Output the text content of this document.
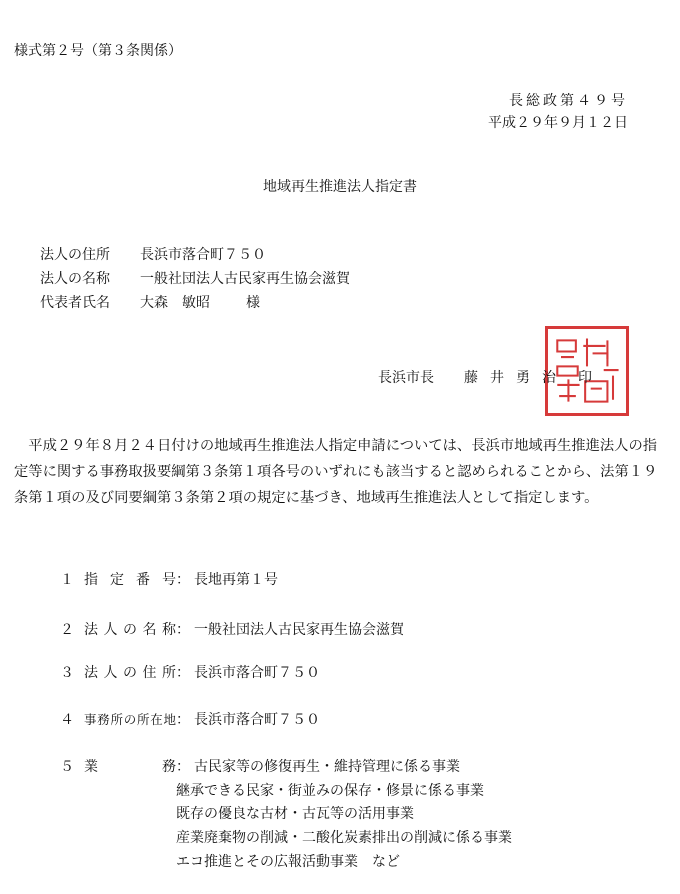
様式第２号（第３条関係）
長総政第４９号
平成２９年９月１２日
地域再生推進法人指定書
法人の住所 長浜市落合町７５０
法人の名称 一般社団法人古民家再生協会滋賀
代表者氏名 大森　敏昭	様
長浜市長 藤井勇治 印
平成２９年８月２４日付けの地域再生推進法人指定申請については、長浜市地域再生推進法人の指定等に関する事務取扱要綱第３条第１項各号のいずれにも該当すると認められることから、法第１９条第１項の及び同要綱第３条第２項の規定に基づき、地域再生推進法人として指定します。
１ 指定番号： 長地再第１号
２ 法人の名称： 一般社団法人古民家再生協会滋賀
３ 法人の住所： 長浜市落合町７５０
４ 事務所の所在地： 長浜市落合町７５０
５ 業務： 古民家等の修復再生・維持管理に係る事業
継承できる民家・街並みの保存・修景に係る事業
既存の優良な古材・古瓦等の活用事業
産業廃棄物の削減・二酸化炭素排出の削減に係る事業
エコ推進とその広報活動事業　など
